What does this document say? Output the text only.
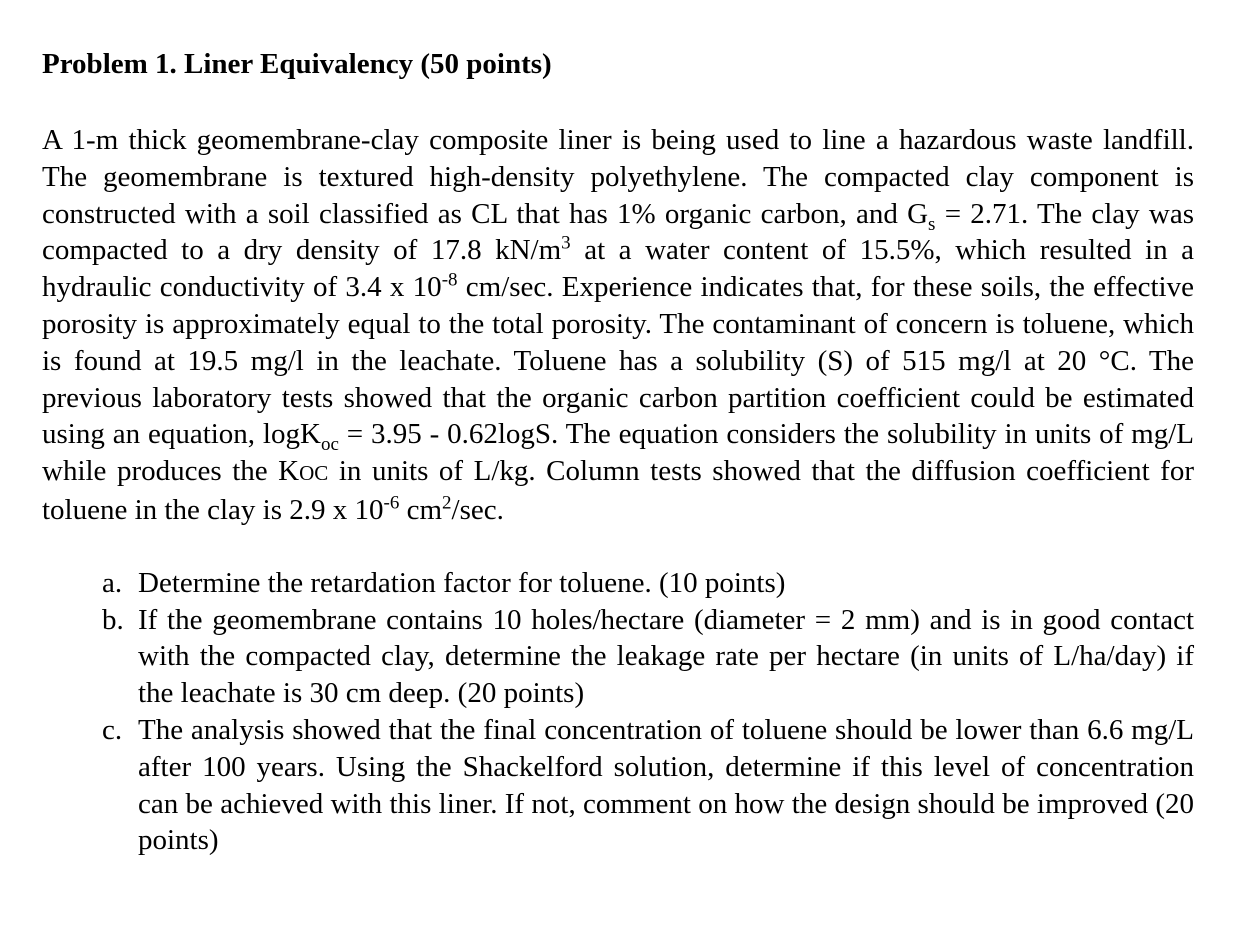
Problem 1. Liner Equivalency (50 points)

A 1-m thick geomembrane-clay composite liner is being used to line a hazardous waste landfill. The geomembrane is textured high-density polyethylene. The compacted clay component is constructed with a soil classified as CL that has 1% organic carbon, and $G_s = 2.71$. The clay was compacted to a dry density of 17.8 $kN/m^3$ at a water content of 15.5%, which resulted in a hydraulic conductivity of 3.4 x $10^{-8}$ cm/sec. Experience indicates that, for these soils, the effective porosity is approximately equal to the total porosity. The contaminant of concern is toluene, which is found at 19.5 mg/l in the leachate. Toluene has a solubility (S) of 515 mg/l at 20 °C. The previous laboratory tests showed that the organic carbon partition coefficient could be estimated using an equation, logK$_{oc}$ = 3.95 - 0.62logS. The equation considers the solubility in units of mg/L while produces the KOC in units of L/kg. Column tests showed that the diffusion coefficient for toluene in the clay is 2.9 x $10^{-6}$ $cm^2/\sec$.

a. Determine the retardation factor for toluene. (10 points)
b. If the geomembrane contains 10 holes/hectare (diameter = 2 mm) and is in good contact with the compacted clay, determine the leakage rate per hectare (in units of L/ha/day) if the leachate is 30 cm deep. (20 points)
c. The analysis showed that the final concentration of toluene should be lower than 6.6 mg/L after 100 years. Using the Shackelford solution, determine if this level of concentration can be achieved with this liner. If not, comment on how the design should be improved (20 points)
